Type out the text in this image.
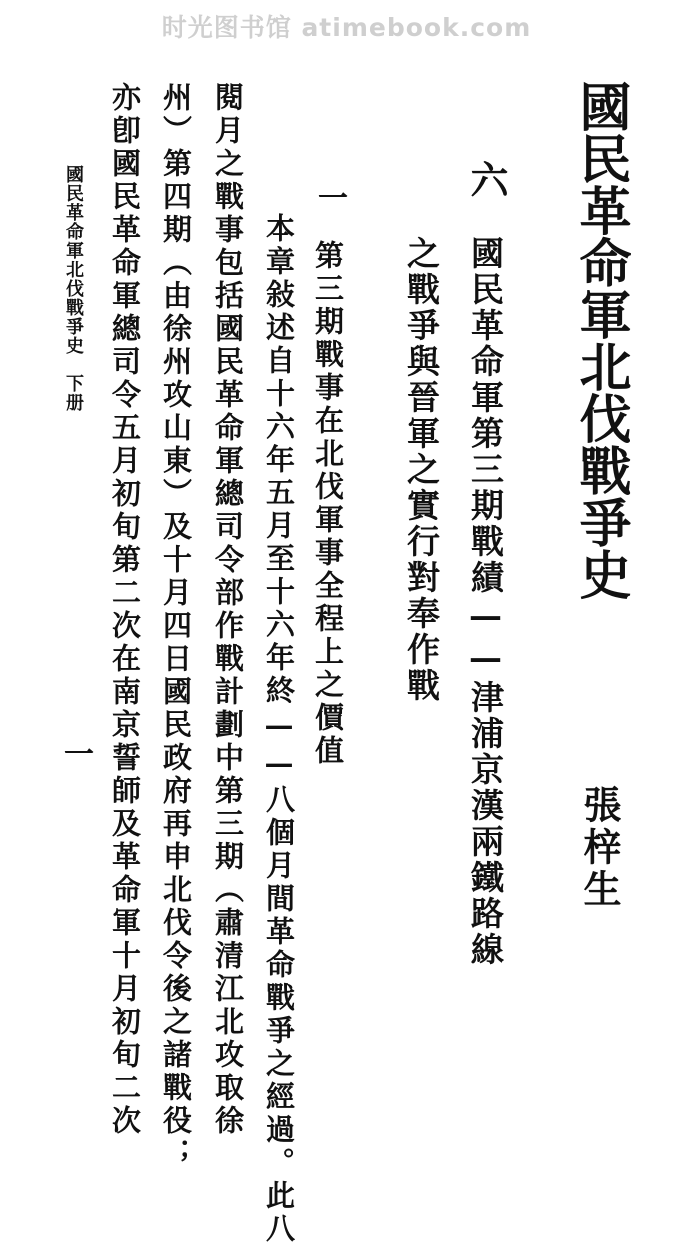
时光图书馆 atimebook.com
國民革命軍北伐戰爭史
張梓生
六
國民革命軍第三期戰績——津浦京漢兩鐵路線
之戰爭與晉軍之實行對奉作戰
一
第三期戰事在北伐軍事全程上之價值
本章敍述自十六年五月至十六年終——八個月間革命戰爭之經過。此八
閱月之戰事包括國民革命軍總司令部作戰計劃中第三期（肅清江北攻取徐
州）第四期（由徐州攻山東）及十月四日國民政府再申北伐令後之諸戰役；
亦卽國民革命軍總司令五月初旬第二次在南京誓師及革命軍十月初旬二次
國民革命軍北伐戰爭史　下册
一
